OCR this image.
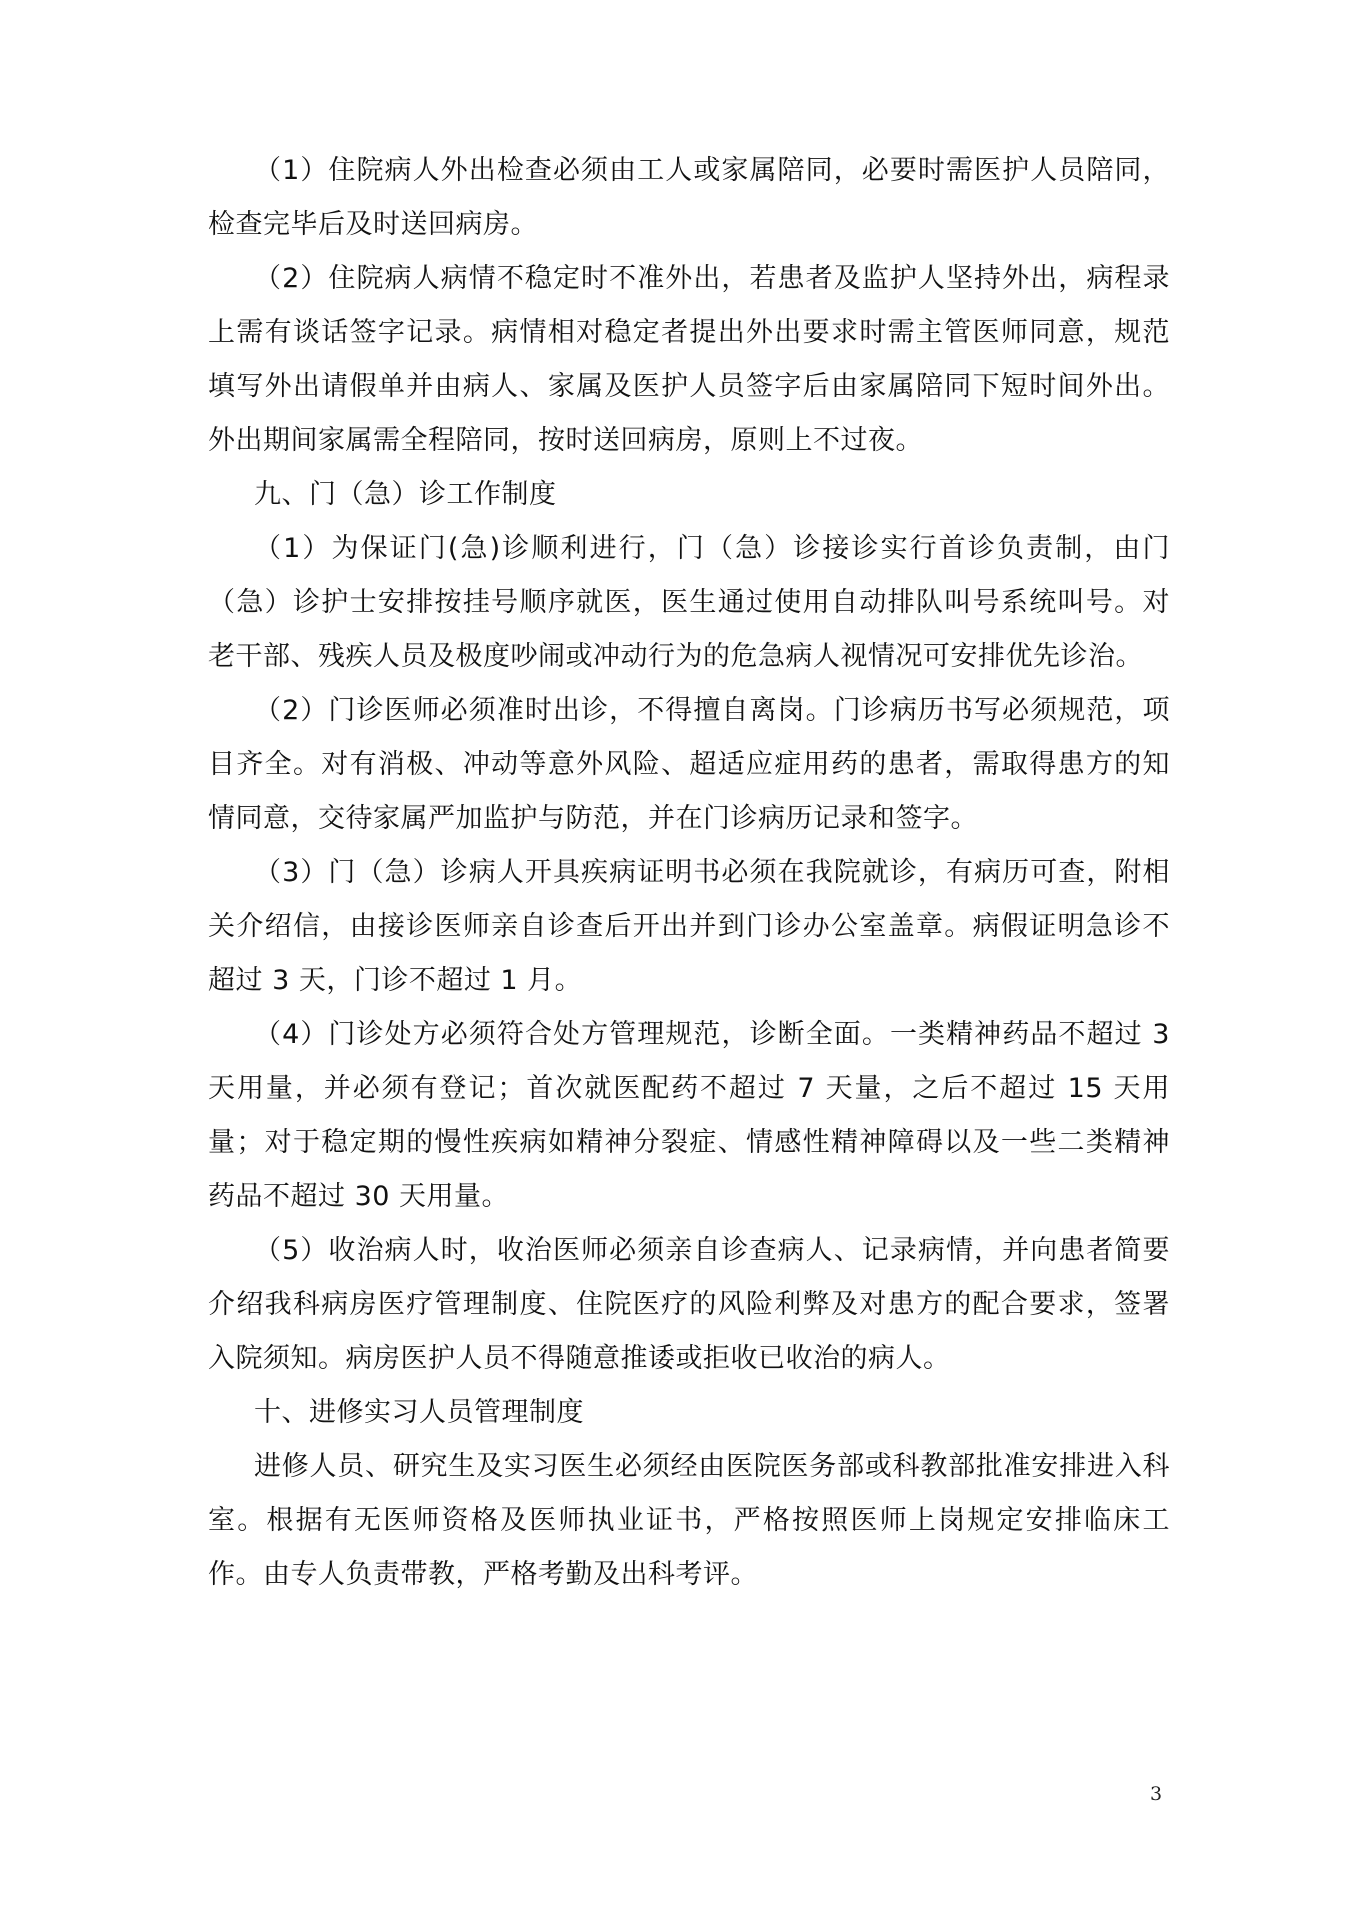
（1）住院病人外出检查必须由工人或家属陪同，必要时需医护人员陪同，检查完毕后及时送回病房。

（2）住院病人病情不稳定时不准外出，若患者及监护人坚持外出，病程录上需有谈话签字记录。病情相对稳定者提出外出要求时需主管医师同意，规范填写外出请假单并由病人、家属及医护人员签字后由家属陪同下短时间外出。外出期间家属需全程陪同，按时送回病房，原则上不过夜。

九、门（急）诊工作制度

（1）为保证门(急)诊顺利进行，门（急）诊接诊实行首诊负责制，由门（急）诊护士安排按挂号顺序就医，医生通过使用自动排队叫号系统叫号。对老干部、残疾人员及极度吵闹或冲动行为的危急病人视情况可安排优先诊治。

（2）门诊医师必须准时出诊，不得擅自离岗。门诊病历书写必须规范，项目齐全。对有消极、冲动等意外风险、超适应症用药的患者，需取得患方的知情同意，交待家属严加监护与防范，并在门诊病历记录和签字。

（3）门（急）诊病人开具疾病证明书必须在我院就诊，有病历可查，附相关介绍信，由接诊医师亲自诊查后开出并到门诊办公室盖章。病假证明急诊不超过 3 天，门诊不超过 1 月。

（4）门诊处方必须符合处方管理规范，诊断全面。一类精神药品不超过 3 天用量，并必须有登记；首次就医配药不超过 7 天量，之后不超过 15 天用量；对于稳定期的慢性疾病如精神分裂症、情感性精神障碍以及一些二类精神药品不超过 30 天用量。

（5）收治病人时，收治医师必须亲自诊查病人、记录病情，并向患者简要介绍我科病房医疗管理制度、住院医疗的风险利弊及对患方的配合要求，签署入院须知。病房医护人员不得随意推诿或拒收已收治的病人。

十、进修实习人员管理制度

进修人员、研究生及实习医生必须经由医院医务部或科教部批准安排进入科室。根据有无医师资格及医师执业证书，严格按照医师上岗规定安排临床工作。由专人负责带教，严格考勤及出科考评。

3
